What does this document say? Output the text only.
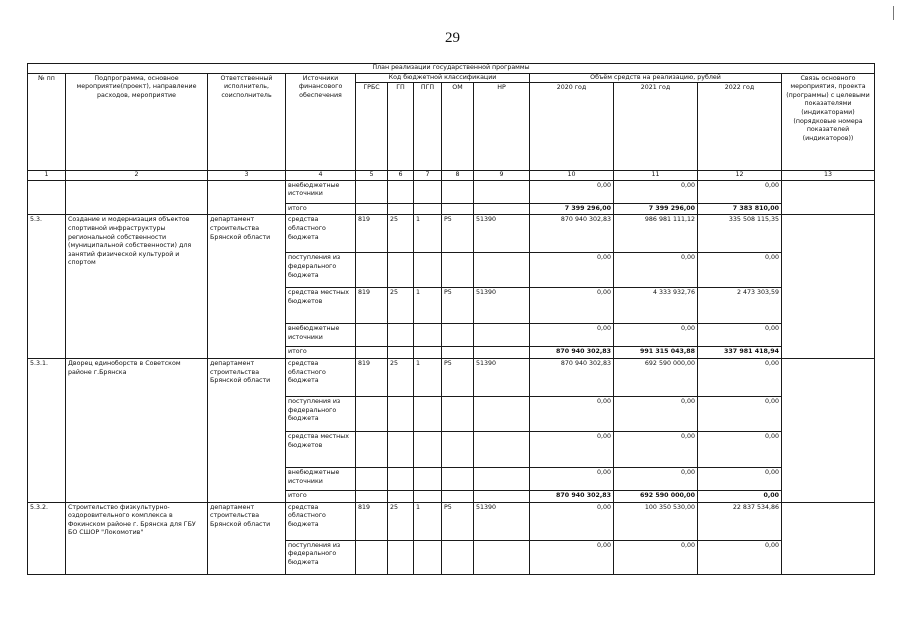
29
План реализации государственной программы												
№ пп	Подпрограмма, основное мероприятие(проект), направление расходов, мероприятие	Ответственный исполнитель, соисполнитель	Источники финансового обеспечения	Код бюджетной классификации					Объём средств на реализацию, рублей			Связь основного мероприятия, проекта (программы) с целевыми показателями (индикаторами) (порядковые номера показателей (индикаторов))
				ГРБС	ГП	ПГП	ОМ	НР	2020 год	2021 год	2022 год	
1	2	3	4	5	6	7	8	9	10	11	12	13
			внебюджетные источники						0,00	0,00	0,00	
			итого						7 399 296,00	7 399 296,00	7 383 810,00	
5.3.	Создание и модернизация объектов спортивной инфраструктуры региональной собственности (муниципальной собственности) для занятий физической культурой и спортом	департамент строительства Брянской области	средства областного бюджета	819	25	1	P5	51390	870 940 302,83	986 981 111,12	335 508 115,35	
			поступления из федерального бюджета						0,00	0,00	0,00	
			средства местных бюджетов	819	25	1	P5	51390	0,00	4 333 932,76	2 473 303,59	
			внебюджетные источники						0,00	0,00	0,00	
			итого						870 940 302,83	991 315 043,88	337 981 418,94	
5.3.1.	Дворец единоборств в Советском районе г.Брянска	департамент строительства Брянской области	средства областного бюджета	819	25	1	P5	51390	870 940 302,83	692 590 000,00	0,00	
			поступления из федерального бюджета						0,00	0,00	0,00	
			средства местных бюджетов						0,00	0,00	0,00	
			внебюджетные источники						0,00	0,00	0,00	
			итого						870 940 302,83	692 590 000,00	0,00	
5.3.2.	Строительство физкультурно-оздоровительного комплекса в Фокинском районе г. Брянска для ГБУ БО СШОР "Локомотив"	департамент строительства Брянской области	средства областного бюджета	819	25	1	P5	51390	0,00	100 350 530,00	22 837 534,86	
			поступления из федерального бюджета						0,00	0,00	0,00	
